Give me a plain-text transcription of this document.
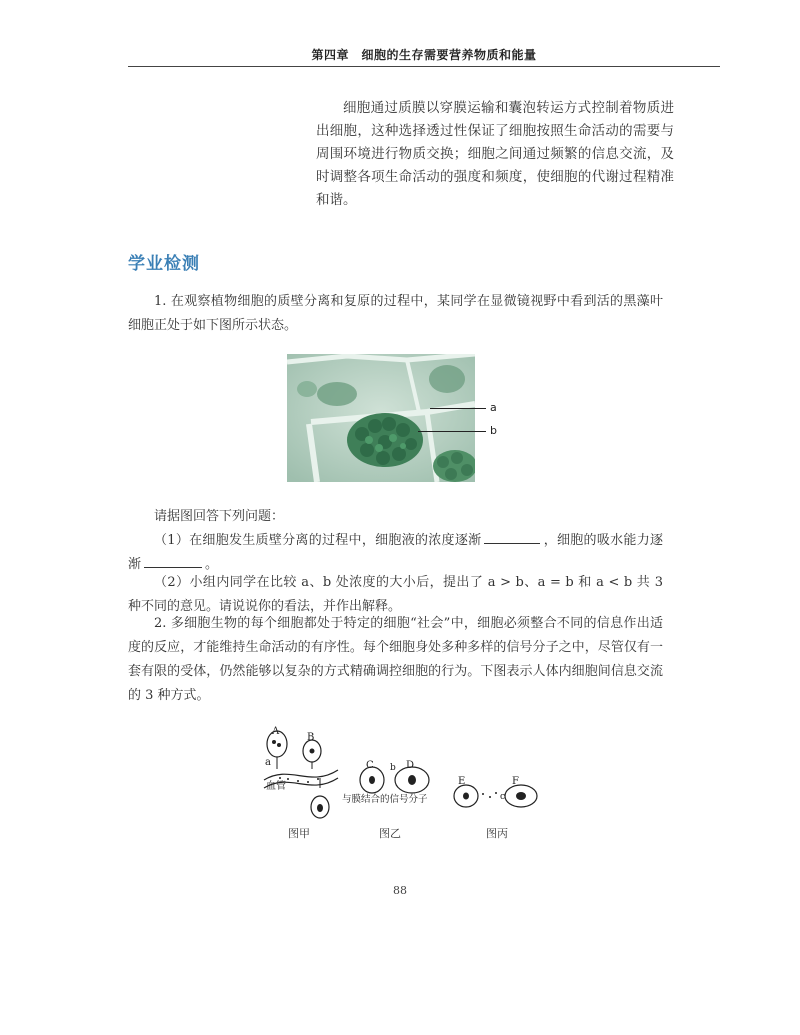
第四章　细胞的生存需要营养物质和能量
细胞通过质膜以穿膜运输和囊泡转运方式控制着物质进出细胞，这种选择透过性保证了细胞按照生命活动的需要与周围环境进行物质交换；细胞之间通过频繁的信息交流，及时调整各项生命活动的强度和频度，使细胞的代谢过程精准和谐。
学业检测
1. 在观察植物细胞的质壁分离和复原的过程中，某同学在显微镜视野中看到活的黑藻叶细胞正处于如下图所示状态。
a
b
请据图回答下列问题：
（1）在细胞发生质壁分离的过程中，细胞液的浓度逐渐	，细胞的吸水能力逐渐	。
（2）小组内同学在比较 a、b 处浓度的大小后，提出了 a > b、a = b 和 a < b 共 3 种不同的意见。请说说你的看法，并作出解释。
2. 多细胞生物的每个细胞都处于特定的细胞“社会”中，细胞必须整合不同的信息作出适度的反应，才能维持生命活动的有序性。每个细胞身处多种多样的信号分子之中，尽管仅有一套有限的受体，仍然能够以复杂的方式精确调控细胞的行为。下图表示人体内细胞间信息交流的 3 种方式。
A
B
a
血管
C b D
与膜结合的信号分子
E
c
F
图甲	图乙	图丙
88
